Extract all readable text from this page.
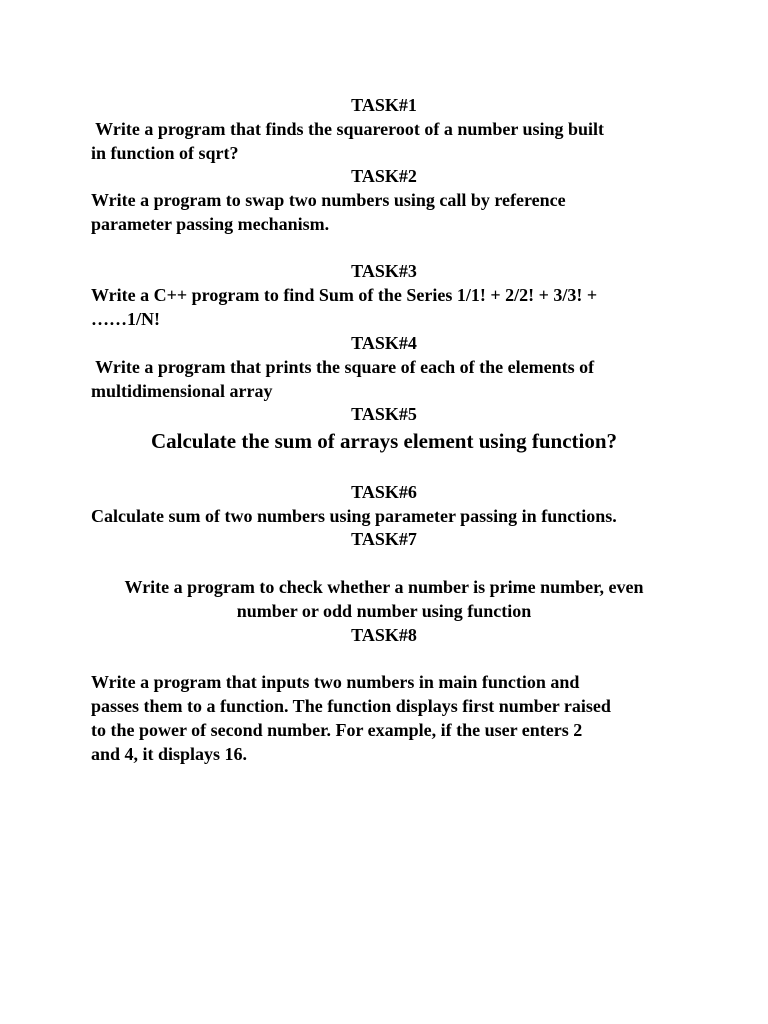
TASK#1
Write a program that finds the squareroot of a number using built
in function of sqrt?
TASK#2
Write a program to swap two numbers using call by reference
parameter passing mechanism.
TASK#3
Write a C++ program to find Sum of the Series 1/1! + 2/2! + 3/3! +
……1/N!
TASK#4
Write a program that prints the square of each of the elements of
multidimensional array
TASK#5
Calculate the sum of arrays element using function?
TASK#6
Calculate sum of two numbers using parameter passing in functions.
TASK#7
Write a program to check whether a number is prime number, even
number or odd number using function
TASK#8
Write a program that inputs two numbers in main function and
passes them to a function. The function displays first number raised
to the power of second number. For example, if the user enters 2
and 4, it displays 16.
